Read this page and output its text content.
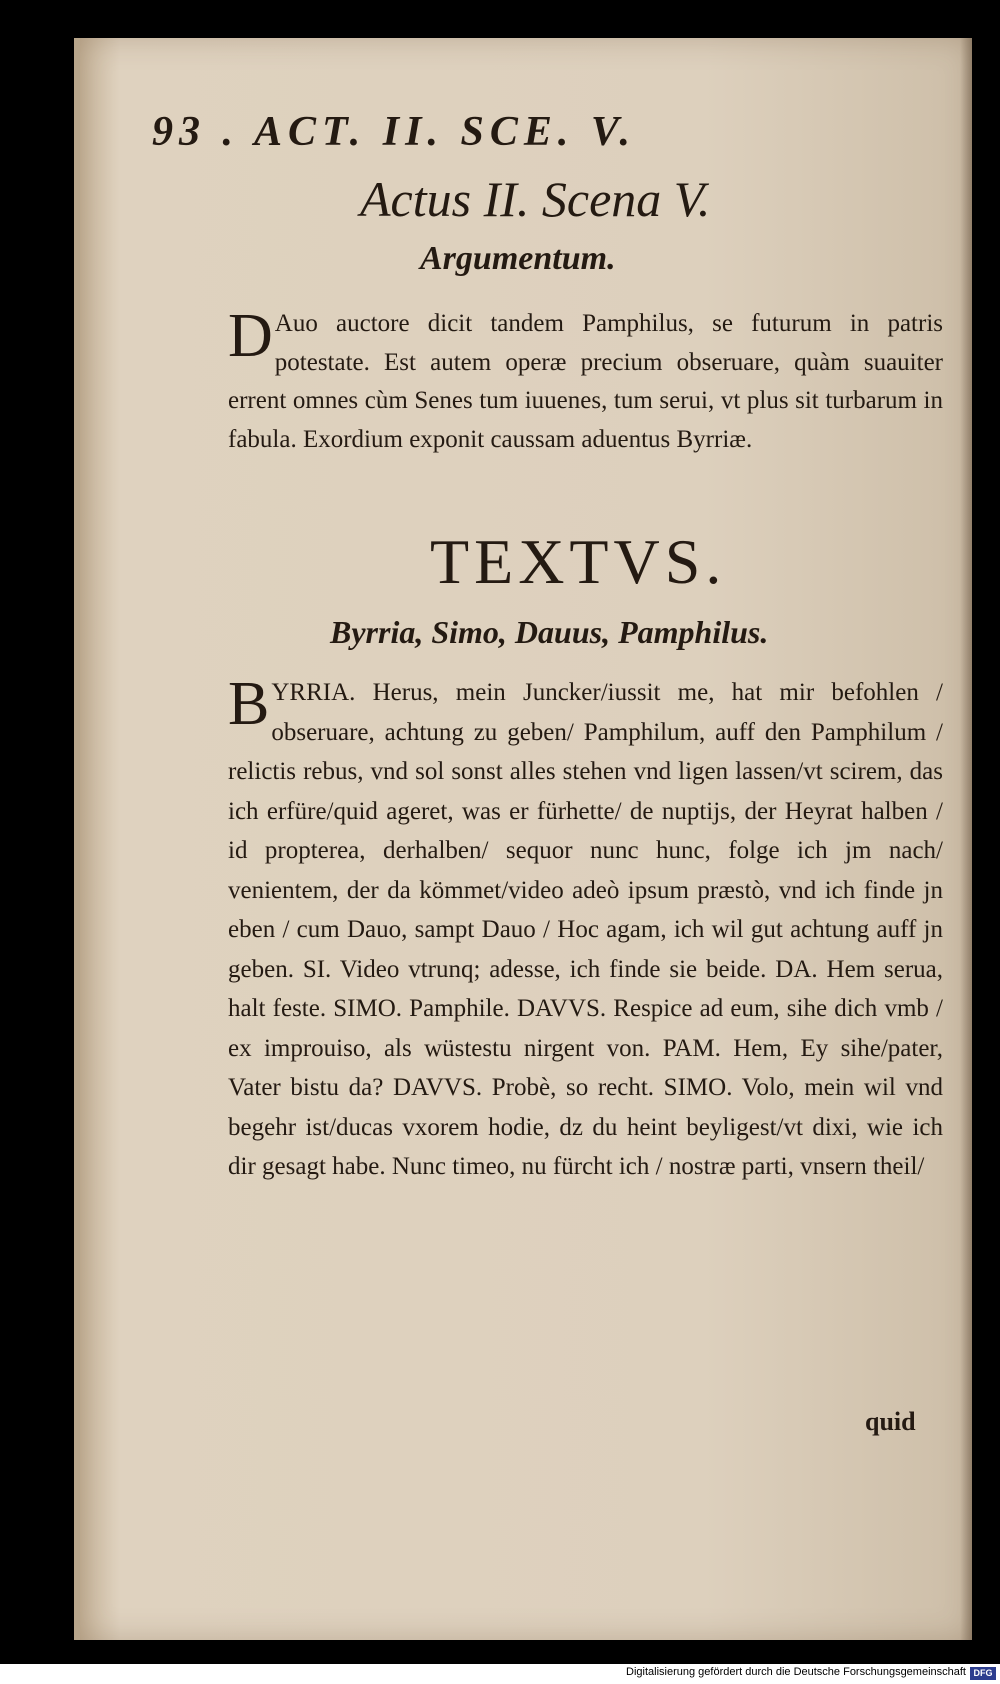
93 . ACT. II. SCE. V.
Actus II. Scena V.
Argumentum.
D Auo auctore dicit tandem Pamphilus, se futurum in patris potestate. Est autem operæ precium obseruare, quàm suauiter errent omnes cùm Senes tum iuuenes, tum serui, vt plus sit turbarum in fabula. Exordium exponit caussam aduentus Byrriæ.
TEXTVS.
Byrria, Simo, Dauus, Pamphilus.
BYRRIA. Herus, mein Juncker/iussit me, hat mir befohlen / obseruare, achtung zu geben/ Pamphilum, auff den Pamphilum / relictis rebus, vnd sol sonst alles stehen vnd ligen lassen/vt scirem, das ich erfüre/quid ageret, was er fürhette/ de nuptijs, der Heyrat halben / id propterea, derhalben/ sequor nunc hunc, folge ich jm nach/ venientem, der da kömmet/video adeò ipsum præstò, vnd ich finde jn eben / cum Dauo, sampt Dauo / Hoc agam, ich wil gut achtung auff jn geben. SI. Video vtrunq; adesse, ich finde sie beide. DA. Hem serua, halt feste. SIMO. Pamphile. DAVVS. Respice ad eum, sihe dich vmb / ex improuiso, als wüstestu nirgent von. PAM. Hem, Ey sihe/pater, Vater bistu da? DAVVS. Probè, so recht. SIMO. Volo, mein wil vnd begehr ist/ducas vxorem hodie, dz du heint beyligest/vt dixi, wie ich dir gesagt habe. Nunc timeo, nu fürcht ich / nostræ parti, vnsern theil/
quid
Digitalisierung gefördert durch die Deutsche Forschungsgemeinschaft DFG
